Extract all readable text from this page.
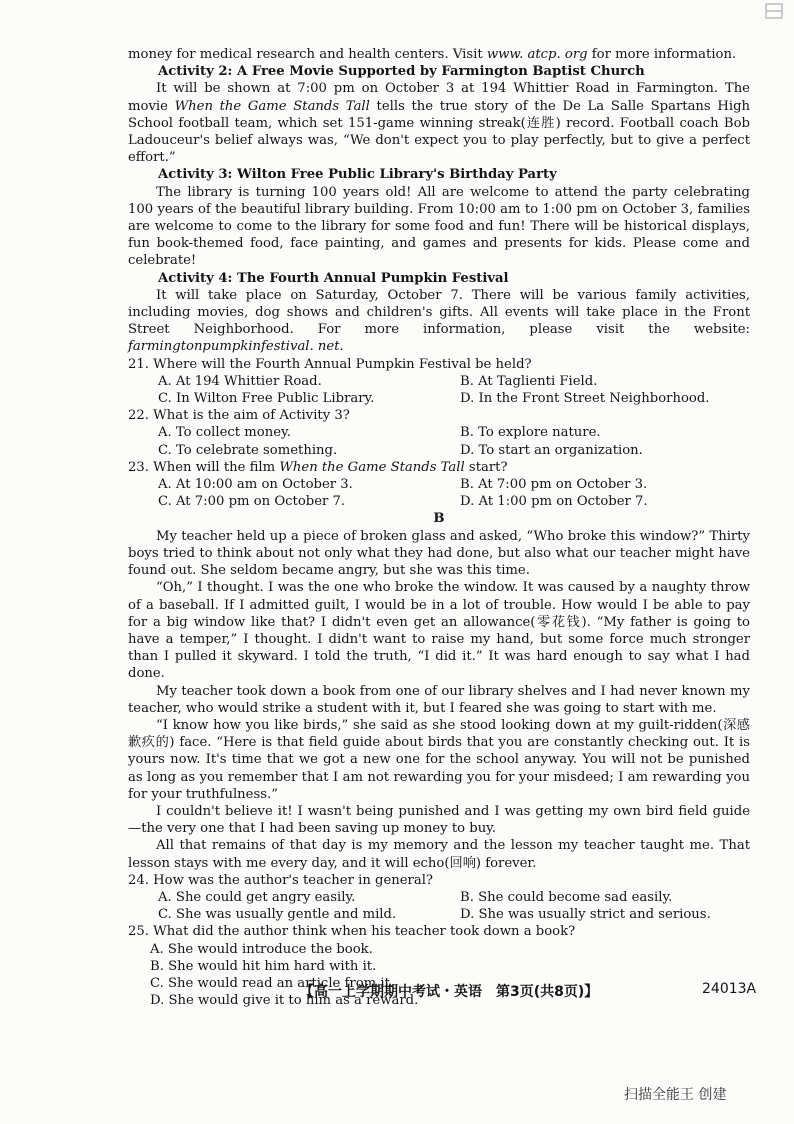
money for medical research and health centers. Visit www. atcp. org for more information.

Activity 2: A Free Movie Supported by Farmington Baptist Church

It will be shown at 7:00 pm on October 3 at 194 Whittier Road in Farmington. The movie When the Game Stands Tall tells the true story of the De La Salle Spartans High School football team, which set 151-game winning streak(连胜) record. Football coach Bob Ladouceur's belief always was, “We don't expect you to play perfectly, but to give a perfect effort.”

Activity 3: Wilton Free Public Library's Birthday Party

The library is turning 100 years old! All are welcome to attend the party celebrating 100 years of the beautiful library building. From 10:00 am to 1:00 pm on October 3, families are welcome to come to the library for some food and fun! There will be historical displays, fun book-themed food, face painting, and games and presents for kids. Please come and celebrate!

Activity 4: The Fourth Annual Pumpkin Festival

It will take place on Saturday, October 7. There will be various family activities, including movies, dog shows and children's gifts. All events will take place in the Front Street Neighborhood. For more information, please visit the website: farmingtonpumpkinfestival. net.

21. Where will the Fourth Annual Pumpkin Festival be held?

A. At 194 Whittier Road.	B. At Taglienti Field.
C. In Wilton Free Public Library.	D. In the Front Street Neighborhood.

22. What is the aim of Activity 3?

A. To collect money.	B. To explore nature.
C. To celebrate something.	D. To start an organization.

23. When will the film When the Game Stands Tall start?

A. At 10:00 am on October 3.	B. At 7:00 pm on October 3.
C. At 7:00 pm on October 7.	D. At 1:00 pm on October 7.

B

My teacher held up a piece of broken glass and asked, “Who broke this window?” Thirty boys tried to think about not only what they had done, but also what our teacher might have found out. She seldom became angry, but she was this time.

“Oh,” I thought. I was the one who broke the window. It was caused by a naughty throw of a baseball. If I admitted guilt, I would be in a lot of trouble. How would I be able to pay for a big window like that? I didn't even get an allowance(零花钱). “My father is going to have a temper,” I thought. I didn't want to raise my hand, but some force much stronger than I pulled it skyward. I told the truth, “I did it.” It was hard enough to say what I had done.

My teacher took down a book from one of our library shelves and I had never known my teacher, who would strike a student with it, but I feared she was going to start with me.

“I know how you like birds,” she said as she stood looking down at my guilt-ridden(深感歉疚的) face. “Here is that field guide about birds that you are constantly checking out. It is yours now. It's time that we got a new one for the school anyway. You will not be punished as long as you remember that I am not rewarding you for your misdeed; I am rewarding you for your truthfulness.”

I couldn't believe it! I wasn't being punished and I was getting my own bird field guide—the very one that I had been saving up money to buy.

All that remains of that day is my memory and the lesson my teacher taught me. That lesson stays with me every day, and it will echo(回响) forever.

24. How was the author's teacher in general?

A. She could get angry easily.	B. She could become sad easily.
C. She was usually gentle and mild.	D. She was usually strict and serious.

25. What did the author think when his teacher took down a book?

A. She would introduce the book.

B. She would hit him hard with it.

C. She would read an article from it.

D. She would give it to him as a reward.

【高一上学期期中考试・英语　第3页(共8页)】	24013A
扫描全能王 创建
